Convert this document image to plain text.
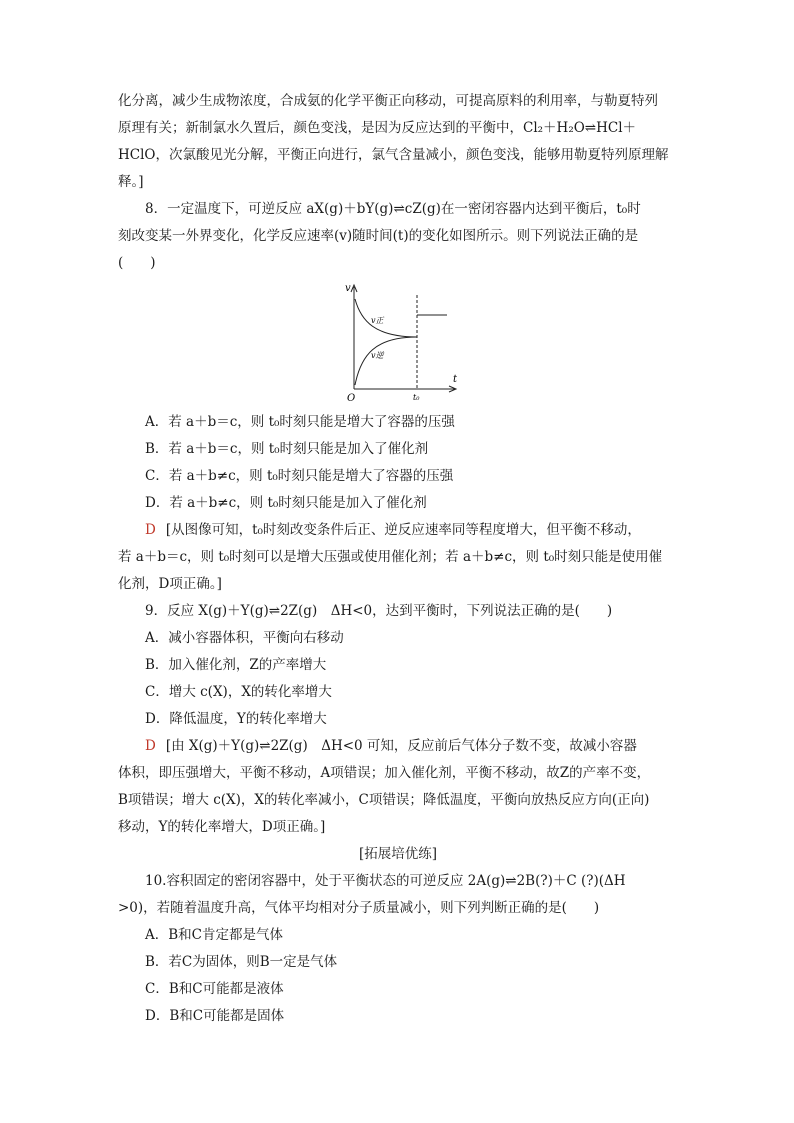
化分离，减少生成物浓度，合成氨的化学平衡正向移动，可提高原料的利用率，与勒夏特列
原理有关；新制氯水久置后，颜色变浅，是因为反应达到的平衡中，Cl₂＋H₂O⇌HCl＋
HClO，次氯酸见光分解，平衡正向进行，氯气含量减小，颜色变浅，能够用勒夏特列原理解
释。]
8．一定温度下，可逆反应 aX(g)＋bY(g)⇌cZ(g)在一密闭容器内达到平衡后，t₀时
刻改变某一外界变化，化学反应速率(v)随时间(t)的变化如图所示。则下列说法正确的是
(　　)
v
t
O	t₀
v正
v逆
A．若 a＋b＝c，则 t₀时刻只能是增大了容器的压强
B．若 a＋b＝c，则 t₀时刻只能是加入了催化剂
C．若 a＋b≠c，则 t₀时刻只能是增大了容器的压强
D．若 a＋b≠c，则 t₀时刻只能是加入了催化剂
D [从图像可知，t₀时刻改变条件后正、逆反应速率同等程度增大，但平衡不移动，
若 a＋b＝c，则 t₀时刻可以是增大压强或使用催化剂；若 a＋b≠c，则 t₀时刻只能是使用催
化剂，D项正确。]
9．反应 X(g)＋Y(g)⇌2Z(g)　ΔH<0，达到平衡时，下列说法正确的是(　　)
A．减小容器体积，平衡向右移动
B．加入催化剂，Z的产率增大
C．增大 c(X)，X的转化率增大
D．降低温度，Y的转化率增大
D [由 X(g)＋Y(g)⇌2Z(g)　ΔH<0 可知，反应前后气体分子数不变，故减小容器
体积，即压强增大，平衡不移动，A项错误；加入催化剂，平衡不移动，故Z的产率不变，
B项错误；增大 c(X)，X的转化率减小，C项错误；降低温度，平衡向放热反应方向(正向)
移动，Y的转化率增大，D项正确。]
[拓展培优练]
10.容积固定的密闭容器中，处于平衡状态的可逆反应 2A(g)⇌2B(?)＋C (?)(ΔH
>0)，若随着温度升高，气体平均相对分子质量减小，则下列判断正确的是(　　)
A．B和C肯定都是气体
B．若C为固体，则B一定是气体
C．B和C可能都是液体
D．B和C可能都是固体
